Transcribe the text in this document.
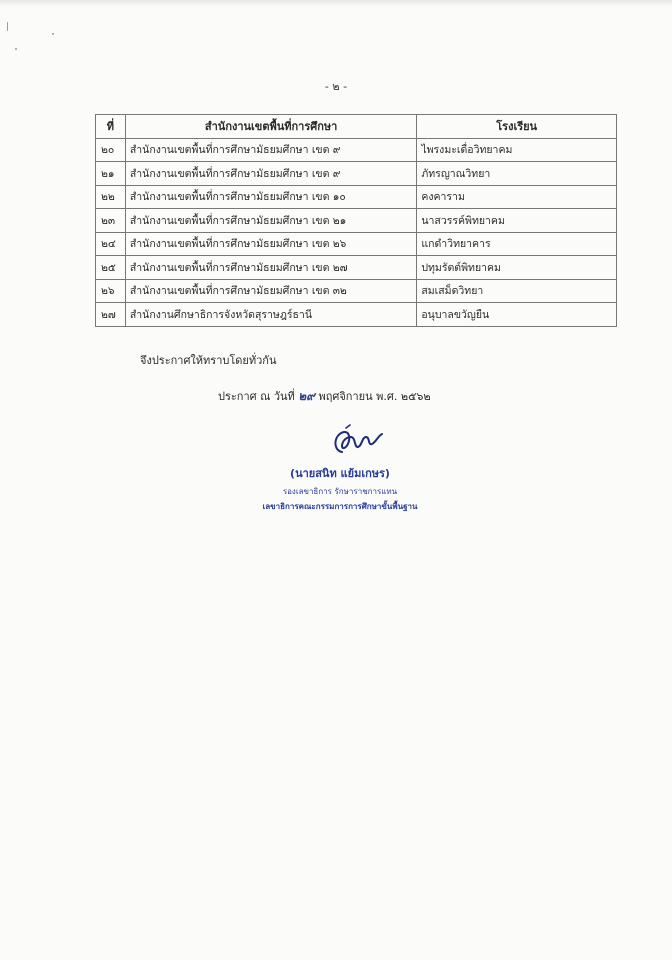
- ๒ -
ที่	สำนักงานเขตพื้นที่การศึกษา	โรงเรียน
๒๐	สำนักงานเขตพื้นที่การศึกษามัธยมศึกษา เขต ๙	ไพรงมะเดื่อวิทยาคม
๒๑	สำนักงานเขตพื้นที่การศึกษามัธยมศึกษา เขต ๙	ภัทรญาณวิทยา
๒๒	สำนักงานเขตพื้นที่การศึกษามัธยมศึกษา เขต ๑๐	คงคาราม
๒๓	สำนักงานเขตพื้นที่การศึกษามัธยมศึกษา เขต ๒๑	นาสวรรค์พิทยาคม
๒๔	สำนักงานเขตพื้นที่การศึกษามัธยมศึกษา เขต ๒๖	แกดำวิทยาคาร
๒๕	สำนักงานเขตพื้นที่การศึกษามัธยมศึกษา เขต ๒๗	ปทุมรัตต์พิทยาคม
๒๖	สำนักงานเขตพื้นที่การศึกษามัธยมศึกษา เขต ๓๒	สมเสม็ดวิทยา
๒๗	สำนักงานศึกษาธิการจังหวัดสุราษฎร์ธานี	อนุบาลขวัญยืน
จึงประกาศให้ทราบโดยทั่วกัน
ประกาศ ณ วันที่ ๒๙ พฤศจิกายน พ.ศ. ๒๕๖๒
(นายสนิท แย้มเกษร)
รองเลขาธิการ รักษาราชการแทน
เลขาธิการคณะกรรมการการศึกษาขั้นพื้นฐาน
